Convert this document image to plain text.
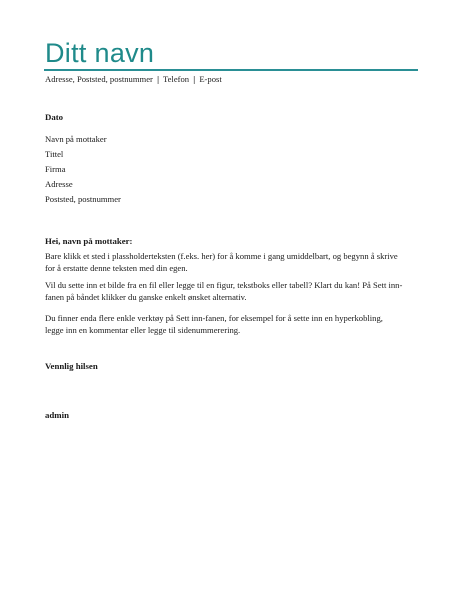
Ditt navn
Adresse, Poststed, postnummer | Telefon | E-post
Dato
Navn på mottaker
Tittel
Firma
Adresse
Poststed, postnummer
Hei, navn på mottaker:
Bare klikk et sted i plassholderteksten (f.eks. her) for å komme i gang umiddelbart, og begynn å skrive
for å erstatte denne teksten med din egen.
Vil du sette inn et bilde fra en fil eller legge til en figur, tekstboks eller tabell? Klart du kan! På Sett inn-
fanen på båndet klikker du ganske enkelt ønsket alternativ.
Du finner enda flere enkle verktøy på Sett inn-fanen, for eksempel for å sette inn en hyperkobling,
legge inn en kommentar eller legge til sidenummerering.
Vennlig hilsen
admin
